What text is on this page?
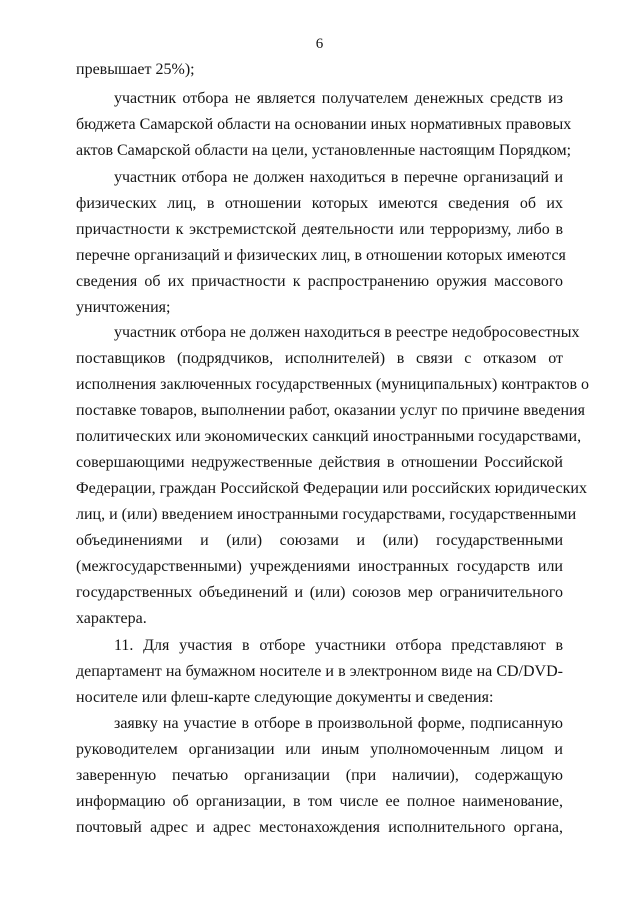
6
превышает 25%);
участник отбора не является получателем денежных средств из
бюджета Самарской области на основании иных нормативных правовых
актов Самарской области на цели, установленные настоящим Порядком;
участник отбора не должен находиться в перечне организаций и
физических лиц, в отношении которых имеются сведения об их
причастности к экстремистской деятельности или терроризму, либо в
перечне организаций и физических лиц, в отношении которых имеются
сведения об их причастности к распространению оружия массового
уничтожения;
участник отбора не должен находиться в реестре недобросовестных
поставщиков (подрядчиков, исполнителей) в связи с отказом от
исполнения заключенных государственных (муниципальных) контрактов о
поставке товаров, выполнении работ, оказании услуг по причине введения
политических или экономических санкций иностранными государствами,
совершающими недружественные действия в отношении Российской
Федерации, граждан Российской Федерации или российских юридических
лиц, и (или) введением иностранными государствами, государственными
объединениями и (или) союзами и (или) государственными
(межгосударственными) учреждениями иностранных государств или
государственных объединений и (или) союзов мер ограничительного
характера.
11. Для участия в отборе участники отбора представляют в
департамент на бумажном носителе и в электронном виде на CD/DVD-
носителе или флеш-карте следующие документы и сведения:
заявку на участие в отборе в произвольной форме, подписанную
руководителем организации или иным уполномоченным лицом и
заверенную печатью организации (при наличии), содержащую
информацию об организации, в том числе ее полное наименование,
почтовый адрес и адрес местонахождения исполнительного органа,
